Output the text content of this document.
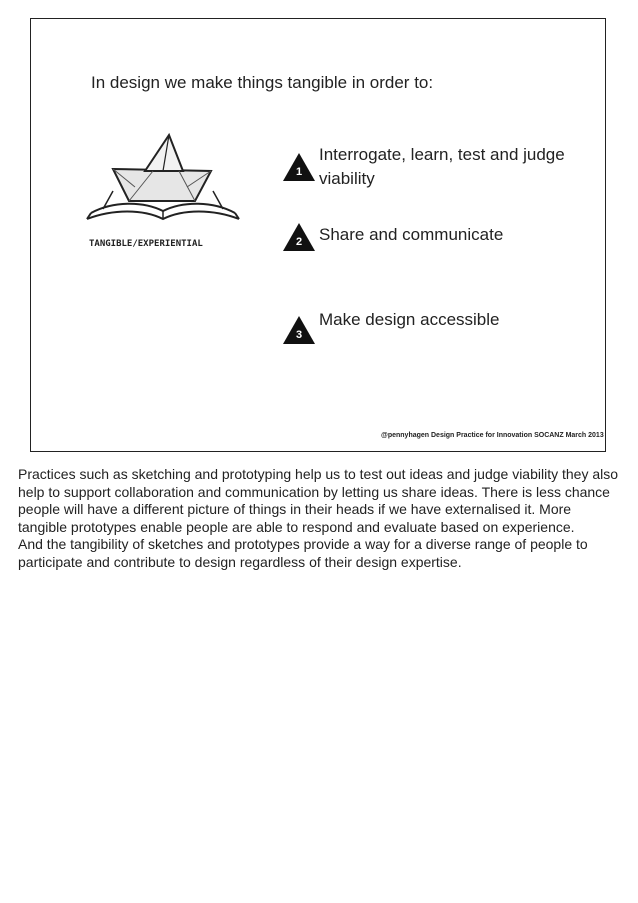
In design we make things tangible in order to:
TANGIBLE/EXPERIENTIAL
1
Interrogate, learn, test and judge viability
2 Share and communicate
3
Make design accessible
@pennyhagen Design Practice for Innovation SOCANZ March 2013

Practices such as sketching and prototyping help us to test out ideas and judge viability they also help to support collaboration and communication by letting us share ideas. There is less chance people will have a different picture of things in their heads if we have externalised it. More tangible prototypes enable people are able to respond and evaluate based on experience.

And the tangibility of sketches and prototypes provide a way for a diverse range of people to participate and contribute to design regardless of their design expertise.
